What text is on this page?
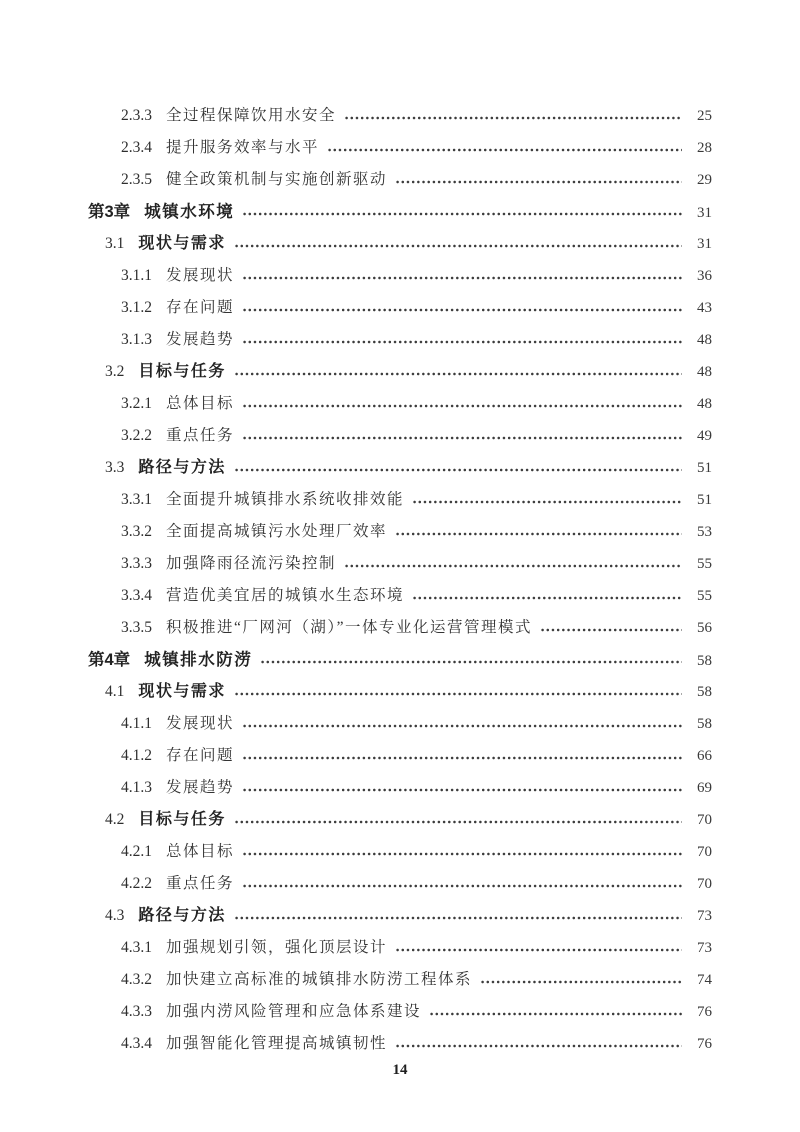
2.3.3 全过程保障饮用水安全	25
2.3.4 提升服务效率与水平	28
2.3.5 健全政策机制与实施创新驱动	29
第3章 城镇水环境	31
3.1 现状与需求	31
3.1.1 发展现状	36
3.1.2 存在问题	43
3.1.3 发展趋势	48
3.2 目标与任务	48
3.2.1 总体目标	48
3.2.2 重点任务	49
3.3 路径与方法	51
3.3.1 全面提升城镇排水系统收排效能	51
3.3.2 全面提高城镇污水处理厂效率	53
3.3.3 加强降雨径流污染控制	55
3.3.4 营造优美宜居的城镇水生态环境	55
3.3.5 积极推进“厂网河（湖）”一体专业化运营管理模式	56
第4章 城镇排水防涝	58
4.1 现状与需求	58
4.1.1 发展现状	58
4.1.2 存在问题	66
4.1.3 发展趋势	69
4.2 目标与任务	70
4.2.1 总体目标	70
4.2.2 重点任务	70
4.3 路径与方法	73
4.3.1 加强规划引领，强化顶层设计	73
4.3.2 加快建立高标准的城镇排水防涝工程体系	74
4.3.3 加强内涝风险管理和应急体系建设	76
4.3.4 加强智能化管理提高城镇韧性	76
14
